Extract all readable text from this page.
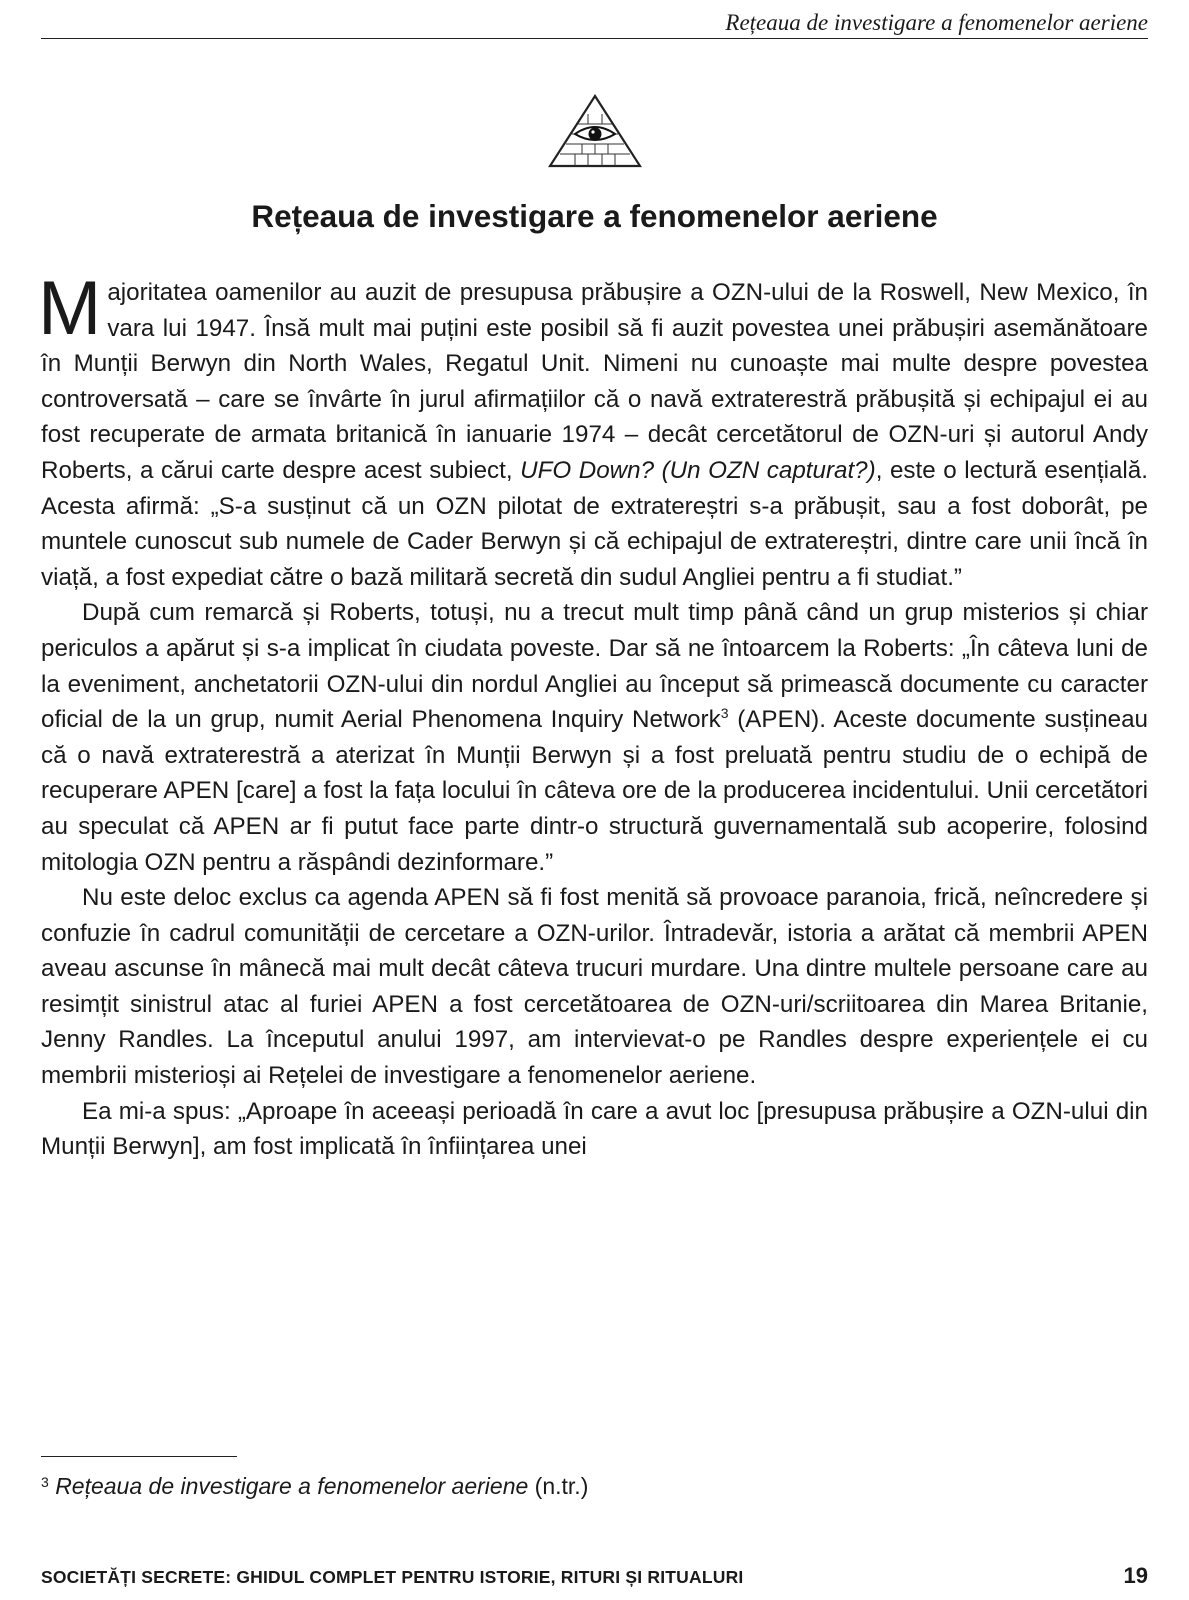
Rețeaua de investigare a fenomenelor aeriene
Rețeaua de investigare a fenomenelor aeriene

Majoritatea oamenilor au auzit de presupusa prăbușire a OZN-ului de la Roswell, New Mexico, în vara lui 1947. Însă mult mai puțini este posibil să fi auzit povestea unei prăbușiri asemănătoare în Munții Berwyn din North Wales, Regatul Unit. Nimeni nu cunoaște mai multe despre povestea controversată – care se învârte în jurul afirmațiilor că o navă extraterestră prăbușită și echipajul ei au fost recuperate de armata britanică în ianuarie 1974 – decât cercetătorul de OZN-uri și autorul Andy Roberts, a cărui carte despre acest subiect, UFO Down? (Un OZN capturat?), este o lectură esențială. Acesta afirmă: „S-a susținut că un OZN pilotat de extratereștri s-a prăbușit, sau a fost doborât, pe muntele cunoscut sub numele de Cader Berwyn și că echipajul de extratereștri, dintre care unii încă în viață, a fost expediat către o bază militară secretă din sudul Angliei pentru a fi studiat.”

După cum remarcă și Roberts, totuși, nu a trecut mult timp până când un grup misterios și chiar periculos a apărut și s-a implicat în ciudata poveste. Dar să ne întoarcem la Roberts: „În câteva luni de la eveniment, anchetatorii OZN-ului din nordul Angliei au început să primească documente cu caracter oficial de la un grup, numit Aerial Phenomena Inquiry Network$^3$ (APEN). Aceste documente susțineau că o navă extraterestră a aterizat în Munții Berwyn și a fost preluată pentru studiu de o echipă de recuperare APEN [care] a fost la fața locului în câteva ore de la producerea incidentului. Unii cercetători au speculat că APEN ar fi putut face parte dintr-o structură guvernamentală sub acoperire, folosind mitologia OZN pentru a răspândi dezinformare.”

Nu este deloc exclus ca agenda APEN să fi fost menită să provoace paranoia, frică, neîncredere și confuzie în cadrul comunității de cercetare a OZN-urilor. Întradevăr, istoria a arătat că membrii APEN aveau ascunse în mânecă mai mult decât câteva trucuri murdare. Una dintre multele persoane care au resimțit sinistrul atac al furiei APEN a fost cercetătoarea de OZN-uri/scriitoarea din Marea Britanie, Jenny Randles. La începutul anului 1997, am intervievat-o pe Randles despre experiențele ei cu membrii misterioși ai Rețelei de investigare a fenomenelor aeriene.

Ea mi-a spus: „Aproape în aceeași perioadă în care a avut loc [presupusa prăbușire a OZN-ului din Munții Berwyn], am fost implicată în înființarea unei

$^3$ Rețeaua de investigare a fenomenelor aeriene (n.tr.)
SOCIETĂȚI SECRETE: GHIDUL COMPLET PENTRU ISTORIE, RITURI ȘI RITUALURI	19
